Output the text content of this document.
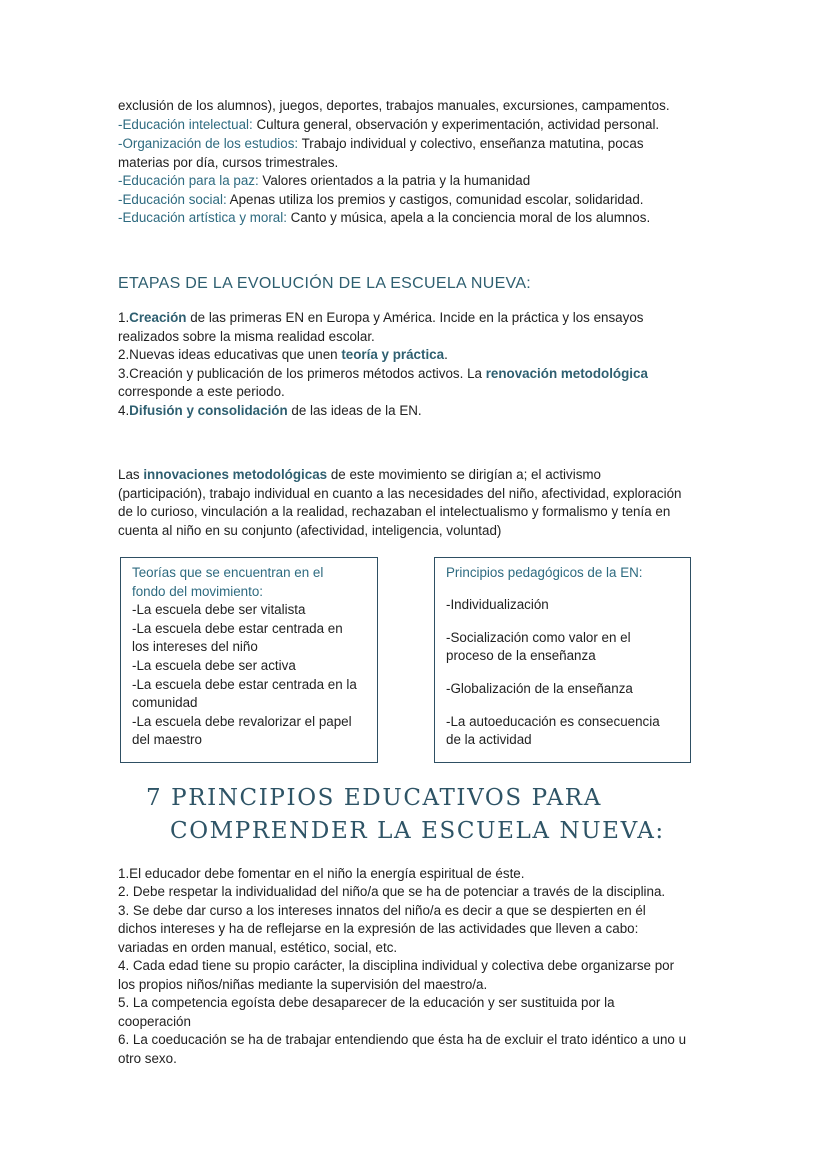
exclusión de los alumnos), juegos, deportes, trabajos manuales, excursiones, campamentos.

-Educación intelectual: Cultura general, observación y experimentación, actividad personal.

-Organización de los estudios: Trabajo individual y colectivo, enseñanza matutina, pocas

materias por día, cursos trimestrales.

-Educación para la paz: Valores orientados a la patria y la humanidad

-Educación social: Apenas utiliza los premios y castigos, comunidad escolar, solidaridad.

-Educación artística y moral: Canto y música, apela a la conciencia moral de los alumnos.

ETAPAS DE LA EVOLUCIÓN DE LA ESCUELA NUEVA:

1.Creación de las primeras EN en Europa y América. Incide en la práctica y los ensayos

realizados sobre la misma realidad escolar.

2.Nuevas ideas educativas que unen teoría y práctica.

3.Creación y publicación de los primeros métodos activos. La renovación metodológica

corresponde a este periodo.

4.Difusión y consolidación de las ideas de la EN.

Las innovaciones metodológicas de este movimiento se dirigían a; el activismo

(participación), trabajo individual en cuanto a las necesidades del niño, afectividad, exploración

de lo curioso, vinculación a la realidad, rechazaban el intelectualismo y formalismo y tenía en

cuenta al niño en su conjunto (afectividad, inteligencia, voluntad)

Teorías que se encuentran en el

fondo del movimiento:

-La escuela debe ser vitalista

-La escuela debe estar centrada en

los intereses del niño

-La escuela debe ser activa

-La escuela debe estar centrada en la

comunidad

-La escuela debe revalorizar el papel

del maestro

Principios pedagógicos de la EN:

-Individualización

-Socialización como valor en el

proceso de la enseñanza

-Globalización de la enseñanza

-La autoeducación es consecuencia

de la actividad

7 PRINCIPIOS EDUCATIVOS PARA
COMPRENDER LA ESCUELA NUEVA:

1.El educador debe fomentar en el niño la energía espiritual de éste.

2. Debe respetar la individualidad del niño/a que se ha de potenciar a través de la disciplina.

3. Se debe dar curso a los intereses innatos del niño/a es decir a que se despierten en él

dichos intereses y ha de reflejarse en la expresión de las actividades que lleven a cabo:

variadas en orden manual, estético, social, etc.

4. Cada edad tiene su propio carácter, la disciplina individual y colectiva debe organizarse por

los propios niños/niñas mediante la supervisión del maestro/a.

5. La competencia egoísta debe desaparecer de la educación y ser sustituida por la

cooperación

6. La coeducación se ha de trabajar entendiendo que ésta ha de excluir el trato idéntico a uno u

otro sexo.
